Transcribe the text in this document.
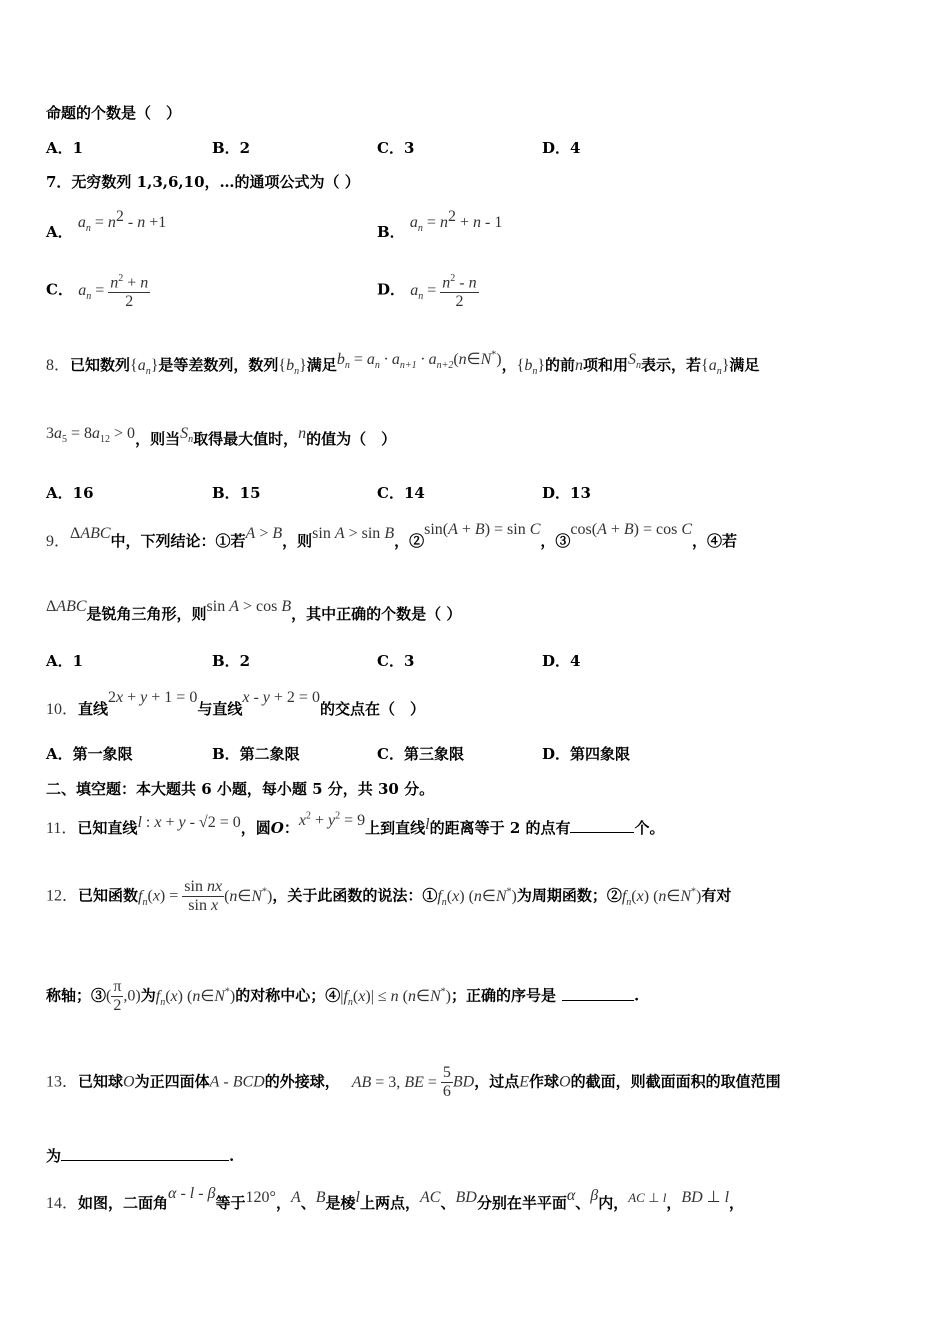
命题的个数是（　）
A．1	B．2	C．3	D．4
7．无穷数列 1,3,6,10，…的通项公式为（ ）
A． $a_n = n^2 - n +1$
B． $a_n = n^2 + n - 1$
C． $a_n = \frac{n^2 + n}{2}$	D． $a_n = \frac{n^2 - n}{2}$
8．已知数列$\{a_n\}$是等差数列，数列$\{b_n\}$满足$b_n = a_n \cdot a_{n+1}$ · $a_{n+2}(n\in N^*)$，$\{b_n\}$的前n项和用$S_n$表示，若$\{a_n\}$满足
$3a_5 = 8a_{12} > 0$，则当$S_n$取得最大值时，n的值为（　）
A．16	B．15	C．14	D．13
9．ΔABC中，下列结论：①若A > B，则sin A > sin B，②sin(A + B) = sin C，③cos(A + B) = cos C，④若
ΔABC是锐角三角形，则sin A > cos B，其中正确的个数是（ ）
A．1	B．2	C．3	D．4
10．直线2x + y + 1 = 0与直线x - y + 2 = 0的交点在（　）
A．第一象限	B．第二象限	C．第三象限	D．第四象限
二、填空题：本大题共 6 小题，每小题 5 分，共 30 分。
11．已知直线l : x + y - √2 = 0，圆O：$x^2 + y^2 = 9$上到直线l的距离等于 2 的点有	个。
12．已知函数$f_n(x) = \frac{\text{sin nx}}{\text{sin x}}$ (n∈N*)，关于此函数的说法：$①f_n(x)$ (n∈N*)为周期函数；$②f_n(x)$ (n∈N*)有对
称轴；③( $\frac{\pi}{2} ,0$)为$f_n(x)$ (n∈N*)的对称中心；$④|f_n(x)| \le n$ (n∈N*)；正确的序号是	.
13．已知球O为正四面体A - BCD的外接球， AB = 3, BE = $\frac{5}{6}$ BD，过点E作球O的截面，则截面面积的取值范围
为	.
14．如图，二面角α - l - β等于120°，A、B是棱l上两点，AC、BD分别在半平面α、β内，AC ⊥ l，BD ⊥ l，
